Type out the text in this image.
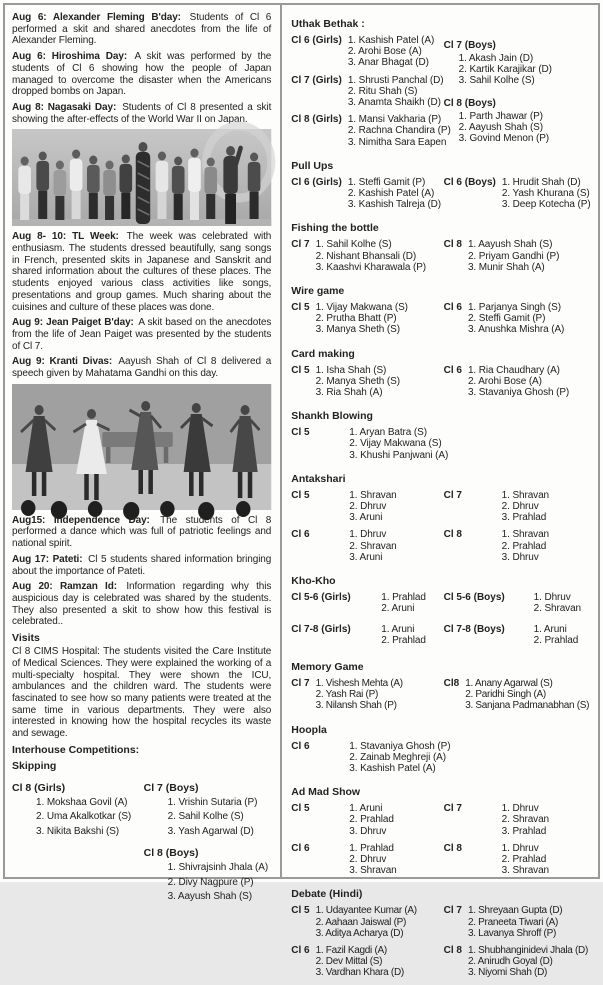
Aug 6: Alexander Fleming B'day: Students of Cl 6 performed a skit and shared anecdotes from the life of Alexander Fleming.

Aug 6: Hiroshima Day: A skit was performed by the students of Cl 6 showing how the people of Japan managed to overcome the disaster when the Americans dropped bombs on Japan.

Aug 8: Nagasaki Day: Students of Cl 8 presented a skit showing the after-effects of the World War II on Japan.

Aug 8- 10: TL Week: The week was celebrated with enthusiasm. The students dressed beautifully, sang songs in French, presented skits in Japanese and Sanskrit and shared information about the cultures of these places. The students enjoyed various class activities like songs, presentations and group games. Much sharing about the cuisines and culture of these places was done.

Aug 9: Jean Paiget B'day: A skit based on the anecdotes from the life of Jean Paiget was presented by the students of Cl 7.

Aug 9: Kranti Divas: Aayush Shah of Cl 8 delivered a speech given by Mahatama Gandhi on this day.

Aug15: Independence Day: The students of Cl 8 performed a dance which was full of patriotic feelings and national spirit.

Aug 17: Pateti: Cl 5 students shared information bringing about the importance of Pateti.

Aug 20: Ramzan Id: Information regarding why this auspicious day is celebrated was shared by the students. They also presented a skit to show how this festival is celebrated..

Visits

Cl 8 CIMS Hospital: The students visited the Care Institute of Medical Sciences. They were explained the working of a multi-specialty hospital. They were shown the ICU, ambulances and the children ward. The students were fascinated to see how so many patients were treated at the same time in various departments. They were also interested in knowing how the hospital recycles its waste and sewage.

Interhouse Competitions:
Skipping
Cl 8 (Girls)
1. Mokshaa Govil (A)
2. Uma Akalkotkar (S)
3. Nikita Bakshi (S)
Cl 7 (Boys)
1. Vrishin Sutaria (P)
2. Sahil Kolhe (S)
3. Yash Agarwal (D)
Cl 8 (Boys)
1. Shivrajsinh Jhala (A)
2. Divy Nagpure (P)
3. Aayush Shah (S)
Uthak Bethak :
Cl 6 (Girls) 1. Kashish Patel (A)
2. Arohi Bose (A)
3. Anar Bhagat (D)
Cl 7 (Girls) 1. Shrusti Panchal (D)
2. Ritu Shah (S)
3. Anamta Shaikh (D)
Cl 8 (Girls) 1. Mansi Vakharia (P)
2. Rachna Chandira (P)
3. Nimitha Sara Eapen
Cl 7 (Boys)
1. Akash Jain (D)
2. Kartik Karajikar (D)
3. Sahil Kolhe (S)
Cl 8 (Boys)
1. Parth Jhawar (P)
2. Aayush Shah (S)
3. Govind Menon (P)
Pull Ups
Cl 6 (Girls) 1. Steffi Gamit (P)
2. Kashish Patel (A)
3. Kashish Talreja (D)
Cl 6 (Boys) 1. Hrudit Shah (D)
2. Yash Khurana (S)
3. Deep Kotecha (P)
Fishing the bottle
Cl 7 1. Sahil Kolhe (S)
2. Nishant Bhansali (D)
3. Kaashvi Kharawala (P)
Cl 8 1. Aayush Shah (S)
2. Priyam Gandhi (P)
3. Munir Shah (A)
Wire game
Cl 5 1. Vijay Makwana (S)
2. Prutha Bhatt (P)
3. Manya Sheth (S)
Cl 6 1. Parjanya Singh (S)
2. Steffi Gamit (P)
3. Anushka Mishra (A)
Card making
Cl 5 1. Isha Shah (S)
2. Manya Sheth (S)
3. Ria Shah (A)
Cl 6 1. Ria Chaudhary (A)
2. Arohi Bose (A)
3. Stavaniya Ghosh (P)
Shankh Blowing
Cl 5	1. Aryan Batra (S)
2. Vijay Makwana (S)
3. Khushi Panjwani (A)
Antakshari
Cl 5	1. Shravan
2. Dhruv
3. Aruni
Cl 6	1. Dhruv
2. Shravan
3. Aruni
Cl 7	1. Shravan
2. Dhruv
3. Prahlad
Cl 8	1. Shravan
2. Prahlad
3. Dhruv
Kho-Kho
Cl 5-6 (Girls)	1. Prahlad
2. Aruni
Cl 7-8 (Girls)	1. Aruni
2. Prahlad
Cl 5-6 (Boys)	1. Dhruv
2. Shravan
Cl 7-8 (Boys)	1. Aruni
2. Prahlad
Memory Game
Cl 7 1. Vishesh Mehta (A)
2. Yash Rai (P)
3. Nilansh Shah (P)
Cl8 1. Anany Agarwal (S)
2. Paridhi Singh (A)
3. Sanjana Padmanabhan (S)
Hoopla
Cl 6	1. Stavaniya Ghosh (P)
2. Zainab Meghreji (A)
3. Kashish Patel (A)
Ad Mad Show
Cl 5	1. Aruni
2. Prahlad
3. Dhruv
Cl 6	1. Prahlad
2. Dhruv
3. Shravan
Cl 7	1. Dhruv
2. Shravan
3. Prahlad
Cl 8	1. Dhruv
2. Prahlad
3. Shravan
Debate (Hindi)
Cl 5 1. Udayantee Kumar (A)
2. Aahaan Jaiswal (P)
3. Aditya Acharya (D)
Cl 6 1. Fazil Kagdi (A)
2. Dev Mittal (S)
3. Vardhan Khara (D)
Cl 7 1. Shreyaan Gupta (D)
2. Praneeta Tiwari (A)
3. Lavanya Shroff (P)
Cl 8 1. Shubhanginidevi Jhala (D)
2. Anirudh Goyal (D)
3. Niyomi Shah (D)
